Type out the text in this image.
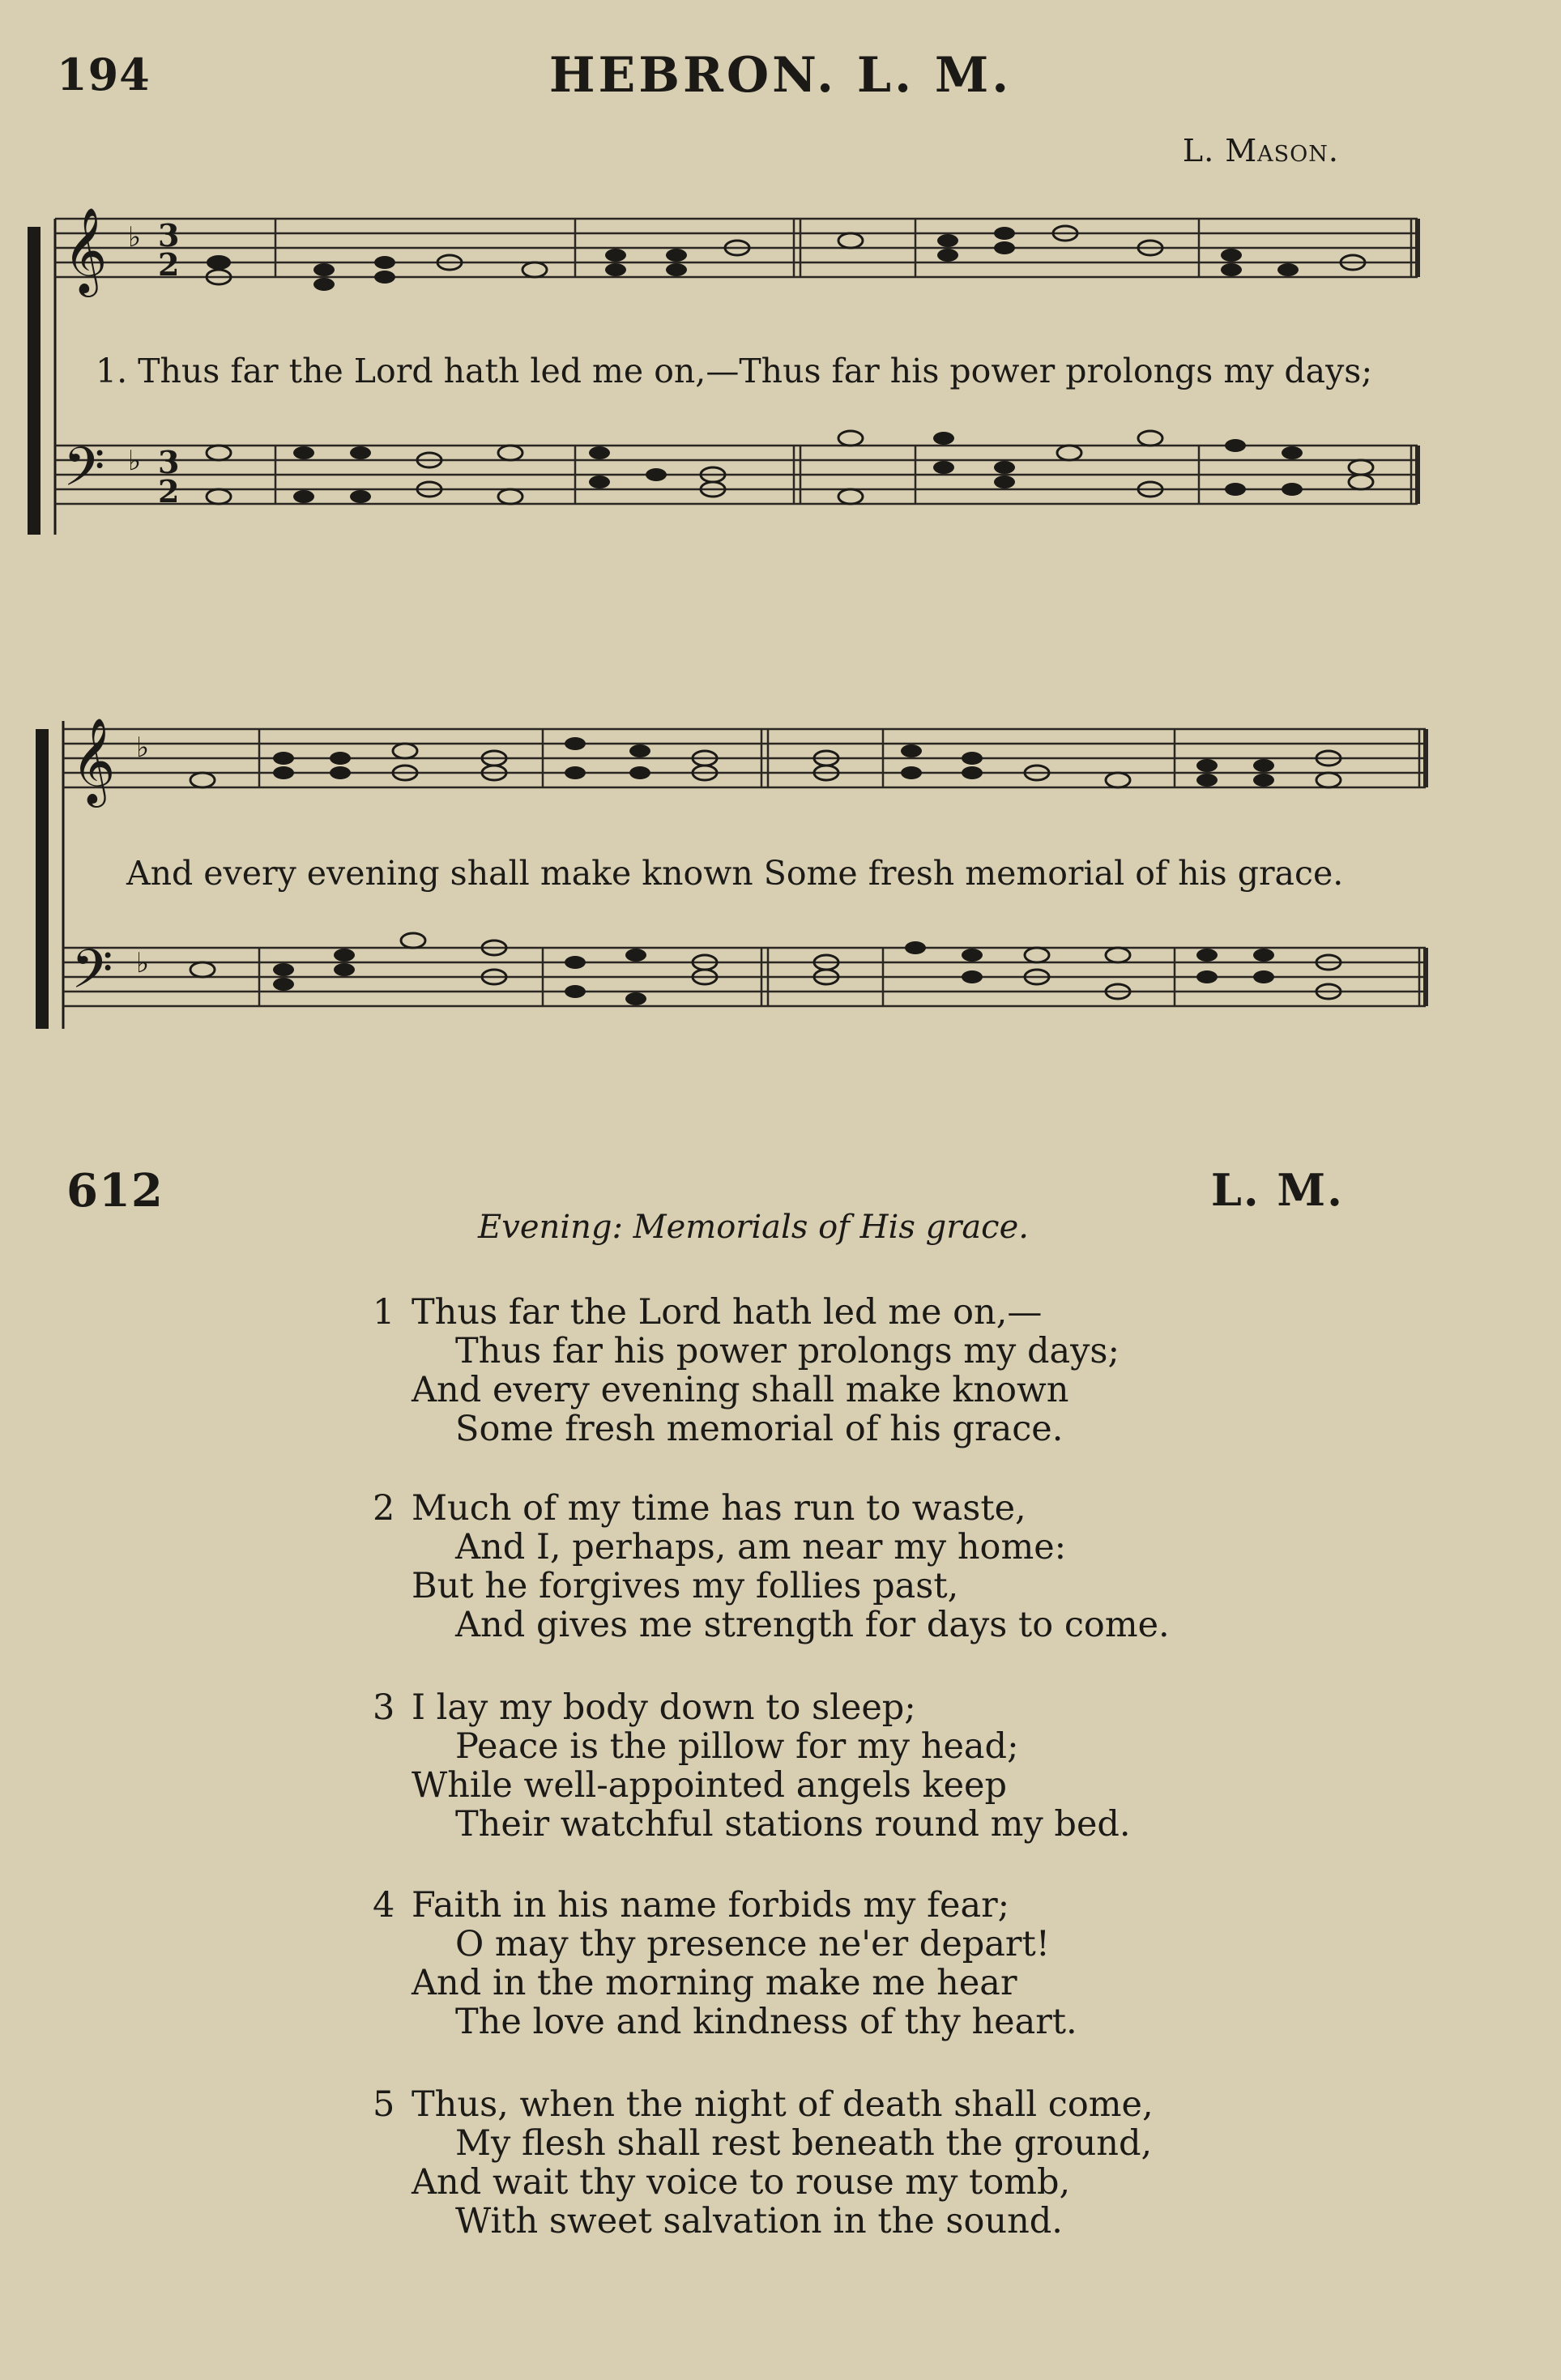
194	HEBRON. L. M.
L. Mason.
𝄞 ♭ 3
2
𝄢 ♭ 3
2
1. Thus far the Lord hath led me on,—Thus far his power prolongs my days;
𝄞 ♭
𝄢 ♭
And every evening shall make known Some fresh memorial of his grace.
612	L. M.
Evening: Memorials of His grace.
1 Thus far the Lord hath led me on,—
Thus far his power prolongs my days;
And every evening shall make known
Some fresh memorial of his grace.
2 Much of my time has run to waste,
And I, perhaps, am near my home:
But he forgives my follies past,
And gives me strength for days to come.
3 I lay my body down to sleep;
Peace is the pillow for my head;
While well-appointed angels keep
Their watchful stations round my bed.
4 Faith in his name forbids my fear;
O may thy presence ne'er depart!
And in the morning make me hear
The love and kindness of thy heart.
5 Thus, when the night of death shall come,
My flesh shall rest beneath the ground,
And wait thy voice to rouse my tomb,
With sweet salvation in the sound.
